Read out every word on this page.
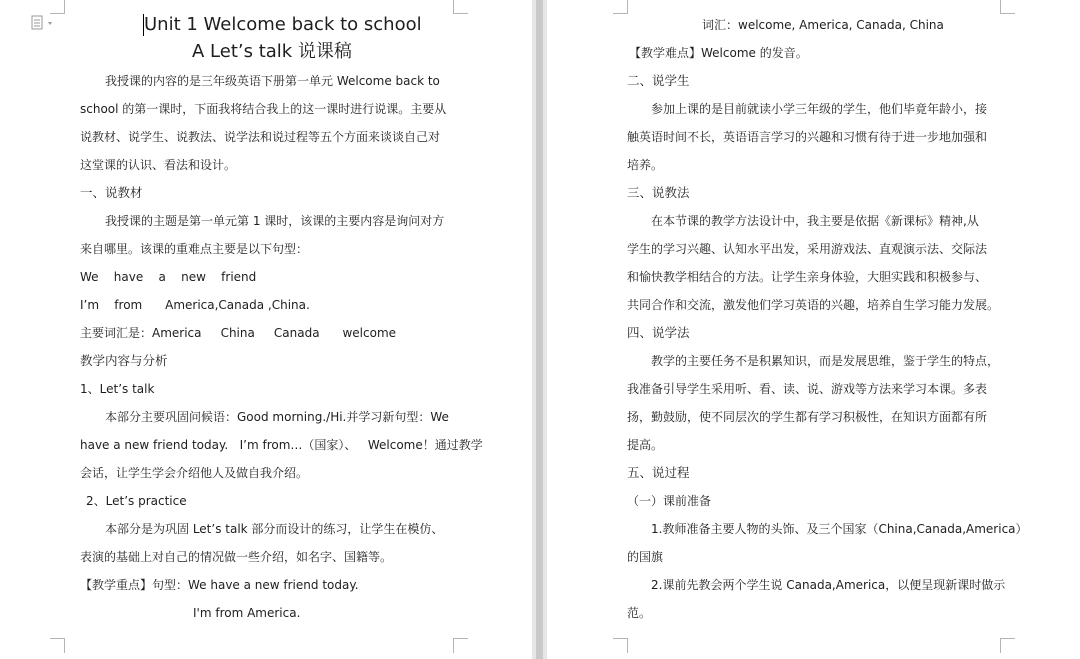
Unit 1 Welcome back to school
A Let’s talk 说课稿
我授课的内容的是三年级英语下册第一单元 Welcome back to
school 的第一课时，下面我将结合我上的这一课时进行说课。主要从
说教材、说学生、说教法、说学法和说过程等五个方面来谈谈自己对
这堂课的认识、看法和设计。
一、说教材
我授课的主题是第一单元第 1 课时，该课的主要内容是询问对方
来自哪里。该课的重难点主要是以下句型：
We    have    a    new    friend
I’m    from      America,Canada ,China.
主要词汇是：America     China     Canada      welcome
教学内容与分析
1、Let’s talk
本部分主要巩固问候语：Good morning./Hi.并学习新句型：We
have a new friend today.   I’m from…（国家）、   Welcome！通过教学
会话，让学生学会介绍他人及做自我介绍。
2、Let’s practice
本部分是为巩固 Let’s talk 部分而设计的练习，让学生在模仿、
表演的基础上对自己的情况做一些介绍，如名字、国籍等。
【教学重点】句型：We have a new friend today.
I'm from America.
词汇：welcome, America, Canada, China
【教学难点】Welcome 的发音。
二、说学生
参加上课的是目前就读小学三年级的学生，他们毕竟年龄小，接
触英语时间不长，英语语言学习的兴趣和习惯有待于进一步地加强和
培养。
三、说教法
在本节课的教学方法设计中，我主要是依据《新课标》精神,从
学生的学习兴趣、认知水平出发，采用游戏法、直观演示法、交际法
和愉快教学相结合的方法。让学生亲身体验，大胆实践和积极参与、
共同合作和交流，激发他们学习英语的兴趣，培养自生学习能力发展。
四、说学法
教学的主要任务不是积累知识，而是发展思维，鉴于学生的特点，
我准备引导学生采用听、看、读、说、游戏等方法来学习本课。多表
扬，勤鼓励，使不同层次的学生都有学习积极性，在知识方面都有所
提高。
五、说过程
（一）课前准备
1.教师准备主要人物的头饰、及三个国家（China,Canada,America）
的国旗
2.课前先教会两个学生说 Canada,America，以便呈现新课时做示
范。
